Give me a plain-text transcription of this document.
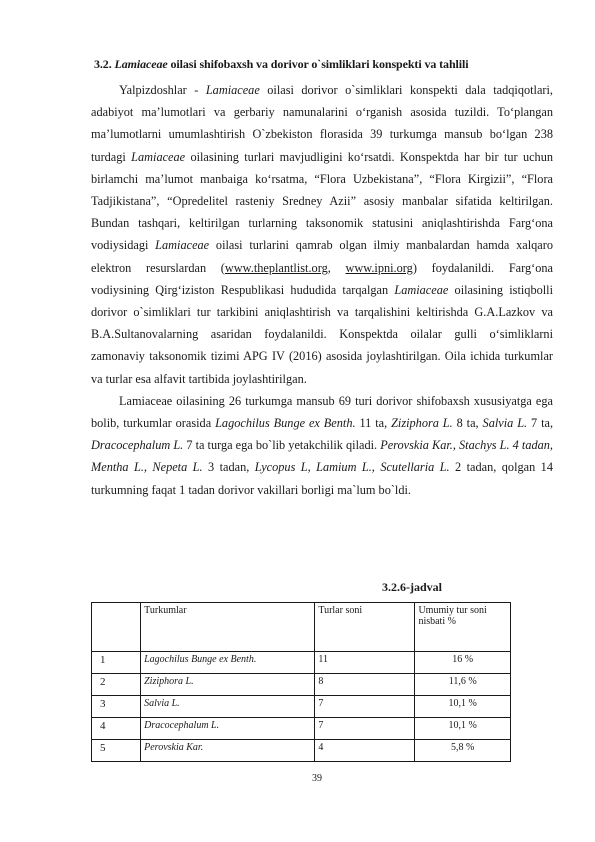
3.2. Lamiaceae oilasi shifobaxsh va dorivor o`simliklari konspekti va tahlili

Yalpizdoshlar - Lamiaceae oilasi dorivor o`simliklari konspekti dala tadqiqotlari, adabiyot ma’lumotlari va gerbariy namunalarini o‘rganish asosida tuzildi. To‘plangan ma’lumotlarni umumlashtirish O`zbekiston florasida 39 turkumga mansub bo‘lgan 238 turdagi Lamiaceae oilasining turlari mavjudligini ko‘rsatdi. Konspektda har bir tur uchun birlamchi ma’lumot manbaiga ko‘rsatma, “Flora Uzbekistana”, “Flora Kirgizii”, “Flora Tadjikistana”, “Opredelitel rasteniy Sredney Azii” asosiy manbalar sifatida keltirilgan. Bundan tashqari, keltirilgan turlarning taksonomik statusini aniqlashtirishda Farg‘ona vodiysidagi Lamiaceae oilasi turlarini qamrab olgan ilmiy manbalardan hamda xalqaro elektron resurslardan (www.theplantlist.org, www.ipni.org) foydalanildi. Farg‘ona vodiysining Qirg‘iziston Respublikasi hududida tarqalgan Lamiaceae oilasining istiqbolli dorivor o`simliklari tur tarkibini aniqlashtirish va tarqalishini keltirishda G.A.Lazkov va B.A.Sultanovalarning asaridan foydalanildi. Konspektda oilalar gulli o‘simliklarni zamonaviy taksonomik tizimi APG IV (2016) asosida joylashtirilgan. Oila ichida turkumlar va turlar esa alfavit tartibida joylashtirilgan.

Lamiaceae oilasining 26 turkumga mansub 69 turi dorivor shifobaxsh xususiyatga ega bolib, turkumlar orasida Lagochilus Bunge ex Benth. 11 ta, Ziziphora L. 8 ta, Salvia L. 7 ta, Dracocephalum L. 7 ta turga ega bo`lib yetakchilik qiladi. Perovskia Kar., Stachys L. 4 tadan, Mentha L., Nepeta L. 3 tadan, Lycopus L, Lamium L., Scutellaria L. 2 tadan, qolgan 14 turkumning faqat 1 tadan dorivor vakillari borligi ma`lum bo`ldi.

3.2.6-jadval
	Turkumlar	Turlar soni	Umumiy tur soni nisbati %
1	Lagochilus Bunge ex Benth.	11	16 %
2	Ziziphora L.	8	11,6 %
3	Salvia L.	7	10,1 %
4	Dracocephalum L.	7	10,1 %
5	Perovskia Kar.	4	5,8 %
39
